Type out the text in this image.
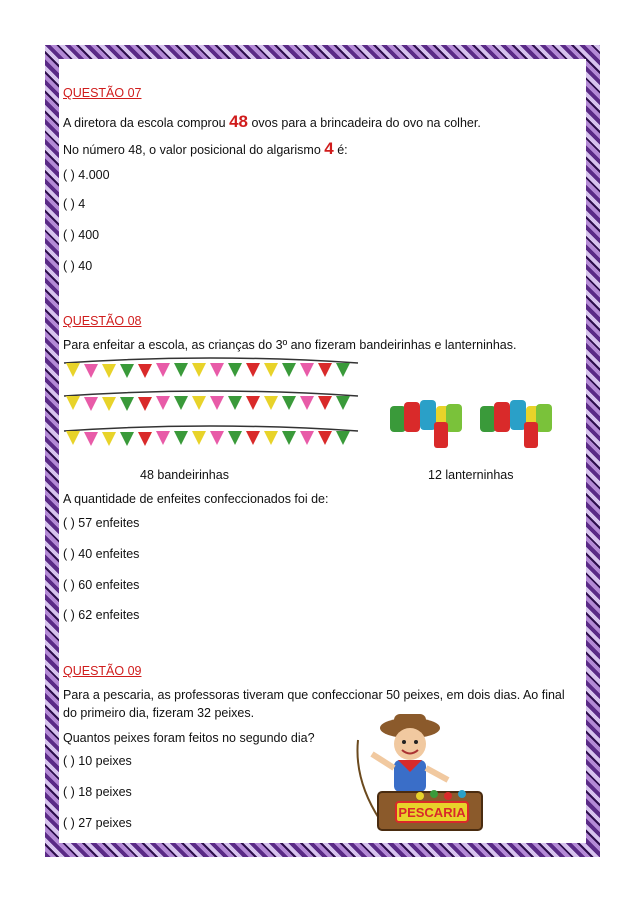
QUESTÃO 07
A diretora da escola comprou 48 ovos para a brincadeira do ovo na colher.
No número 48, o valor posicional do algarismo 4 é:
( ) 4.000
( ) 4
( ) 400
( ) 40
QUESTÃO 08
Para enfeitar a escola, as crianças do 3º ano fizeram bandeirinhas e lanterninhas.
48 bandeirinhas	12 lanterninhas
A quantidade de enfeites confeccionados foi de:
( ) 57 enfeites
( ) 40 enfeites
( ) 60 enfeites
( ) 62 enfeites
QUESTÃO 09
Para a pescaria, as professoras tiveram que confeccionar 50 peixes, em dois dias. Ao final
do primeiro dia, fizeram 32 peixes.
Quantos peixes foram feitos no segundo dia?
( ) 10 peixes
( ) 18 peixes
( ) 27 peixes
PESCARIA
